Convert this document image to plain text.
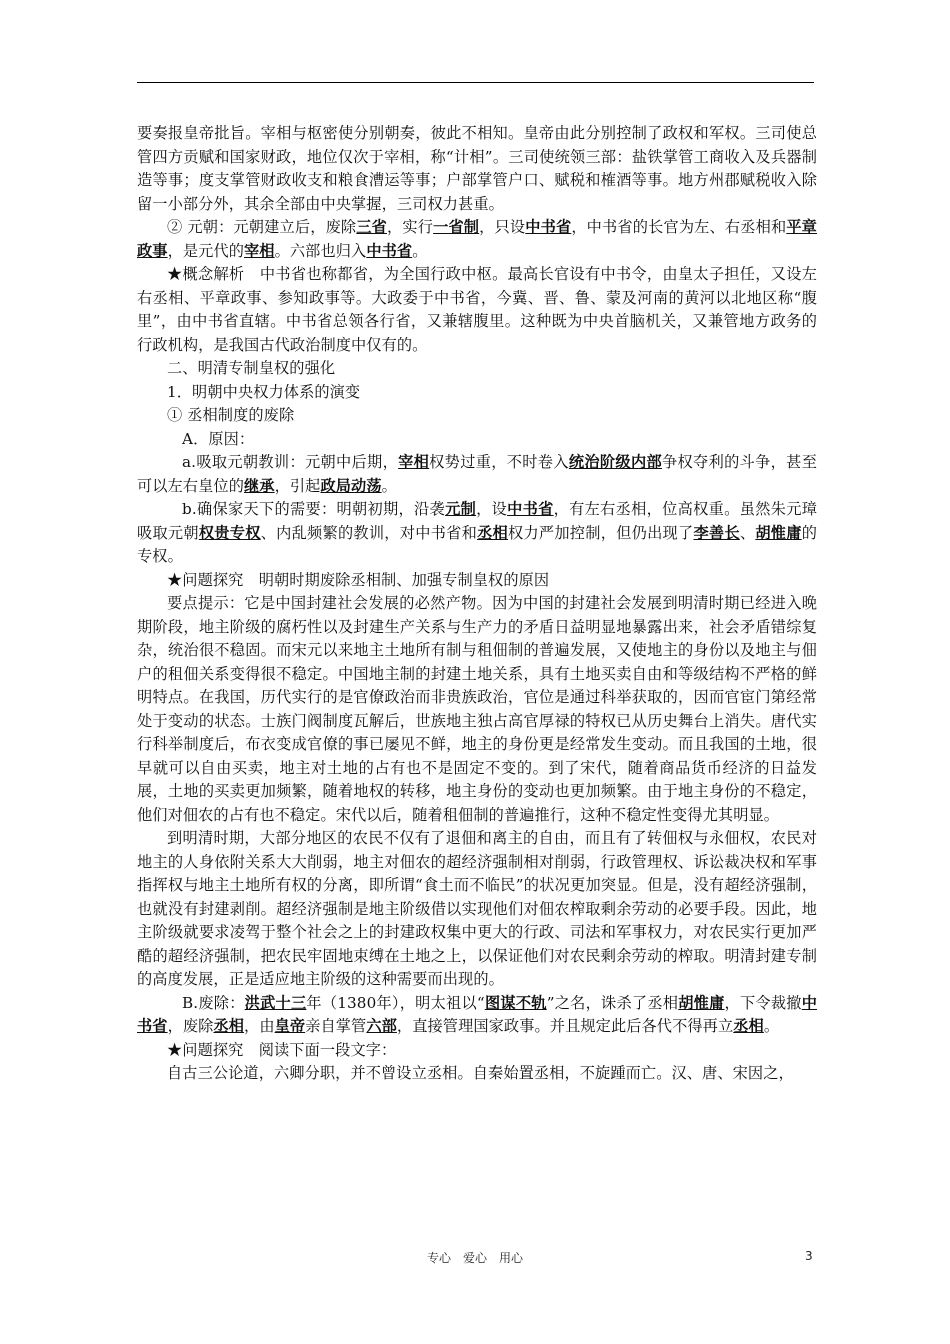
要奏报皇帝批旨。宰相与枢密使分别朝奏，彼此不相知。皇帝由此分别控制了政权和军权。三司使总管四方贡赋和国家财政，地位仅次于宰相，称“计相”。三司使统领三部：盐铁掌管工商收入及兵器制造等事；度支掌管财政收支和粮食漕运等事；户部掌管户口、赋税和榷酒等事。地方州郡赋税收入除留一小部分外，其余全部由中央掌握，三司权力甚重。

② 元朝：元朝建立后，废除三省，实行一省制，只设中书省，中书省的长官为左、右丞相和平章政事，是元代的宰相。六部也归入中书省。

★概念解析　中书省也称都省，为全国行政中枢。最高长官设有中书令，由皇太子担任，又设左右丞相、平章政事、参知政事等。大政委于中书省，今冀、晋、鲁、蒙及河南的黄河以北地区称“腹里”，由中书省直辖。中书省总领各行省，又兼辖腹里。这种既为中央首脑机关，又兼管地方政务的行政机构，是我国古代政治制度中仅有的。

二、明清专制皇权的强化

1．明朝中央权力体系的演变

① 丞相制度的废除

A．原因：

a.吸取元朝教训：元朝中后期，宰相权势过重，不时卷入统治阶级内部争权夺利的斗争，甚至可以左右皇位的继承，引起政局动荡。

b.确保家天下的需要：明朝初期，沿袭元制，设中书省，有左右丞相，位高权重。虽然朱元璋吸取元朝权贵专权、内乱频繁的教训，对中书省和丞相权力严加控制，但仍出现了李善长、胡惟庸的专权。

★问题探究　明朝时期废除丞相制、加强专制皇权的原因

要点提示：它是中国封建社会发展的必然产物。因为中国的封建社会发展到明清时期已经进入晚期阶段，地主阶级的腐朽性以及封建生产关系与生产力的矛盾日益明显地暴露出来，社会矛盾错综复杂，统治很不稳固。而宋元以来地主土地所有制与租佃制的普遍发展，又使地主的身份以及地主与佃户的租佃关系变得很不稳定。中国地主制的封建土地关系，具有土地买卖自由和等级结构不严格的鲜明特点。在我国，历代实行的是官僚政治而非贵族政治，官位是通过科举获取的，因而官宦门第经常处于变动的状态。士族门阀制度瓦解后，世族地主独占高官厚禄的特权已从历史舞台上消失。唐代实行科举制度后，布衣变成官僚的事已屡见不鲜，地主的身份更是经常发生变动。而且我国的土地，很早就可以自由买卖，地主对土地的占有也不是固定不变的。到了宋代，随着商品货币经济的日益发展，土地的买卖更加频繁，随着地权的转移，地主身份的变动也更加频繁。由于地主身份的不稳定，他们对佃农的占有也不稳定。宋代以后，随着租佃制的普遍推行，这种不稳定性变得尤其明显。

到明清时期，大部分地区的农民不仅有了退佃和离主的自由，而且有了转佃权与永佃权，农民对地主的人身依附关系大大削弱，地主对佃农的超经济强制相对削弱，行政管理权、诉讼裁决权和军事指挥权与地主土地所有权的分离，即所谓“食土而不临民”的状况更加突显。但是，没有超经济强制，也就没有封建剥削。超经济强制是地主阶级借以实现他们对佃农榨取剩余劳动的必要手段。因此，地主阶级就要求凌驾于整个社会之上的封建政权集中更大的行政、司法和军事权力，对农民实行更加严酷的超经济强制，把农民牢固地束缚在土地之上，以保证他们对农民剩余劳动的榨取。明清封建专制的高度发展，正是适应地主阶级的这种需要而出现的。

B.废除：洪武十三年（1380年），明太祖以“图谋不轨”之名，诛杀了丞相胡惟庸，下令裁撤中书省，废除丞相，由皇帝亲自掌管六部，直接管理国家政事。并且规定此后各代不得再立丞相。

★问题探究　阅读下面一段文字：

自古三公论道，六卿分职，并不曾设立丞相。自秦始置丞相，不旋踵而亡。汉、唐、宋因之，

专心　爱心　用心	3
